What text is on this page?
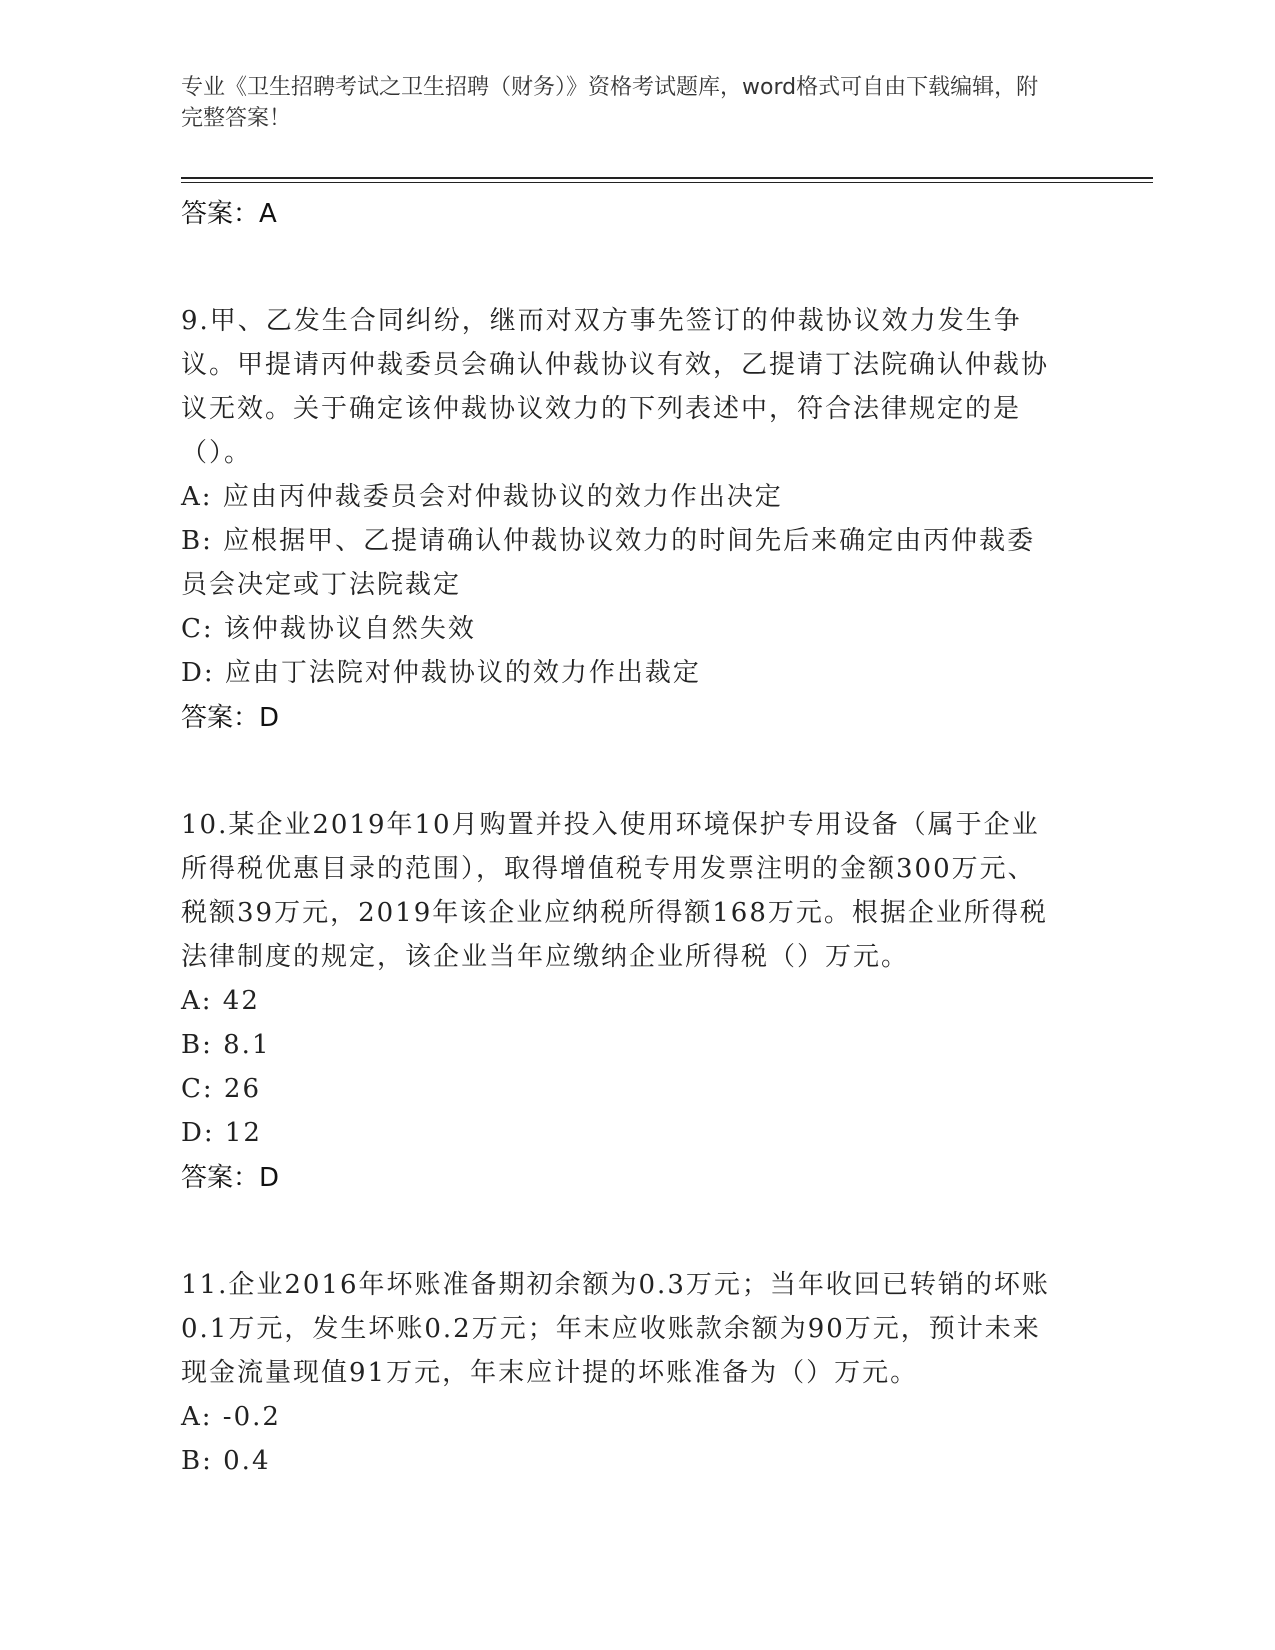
专业《卫生招聘考试之卫生招聘（财务）》资格考试题库，word格式可自由下载编辑，附完整答案！
答案：A

9.甲、乙发生合同纠纷，继而对双方事先签订的仲裁协议效力发生争议。甲提请丙仲裁委员会确认仲裁协议有效，乙提请丁法院确认仲裁协议无效。关于确定该仲裁协议效力的下列表述中，符合法律规定的是（）。

A: 应由丙仲裁委员会对仲裁协议的效力作出决定

B: 应根据甲、乙提请确认仲裁协议效力的时间先后来确定由丙仲裁委员会决定或丁法院裁定

C: 该仲裁协议自然失效

D: 应由丁法院对仲裁协议的效力作出裁定

答案：D

10.某企业2019年10月购置并投入使用环境保护专用设备（属于企业所得税优惠目录的范围），取得增值税专用发票注明的金额300万元、税额39万元，2019年该企业应纳税所得额168万元。根据企业所得税法律制度的规定，该企业当年应缴纳企业所得税（）万元。

A: 42

B: 8.1

C: 26

D: 12

答案：D

11.企业2016年坏账准备期初余额为0.3万元；当年收回已转销的坏账0.1万元，发生坏账0.2万元；年末应收账款余额为90万元，预计未来现金流量现值91万元，年末应计提的坏账准备为（）万元。

A: -0.2

B: 0.4
